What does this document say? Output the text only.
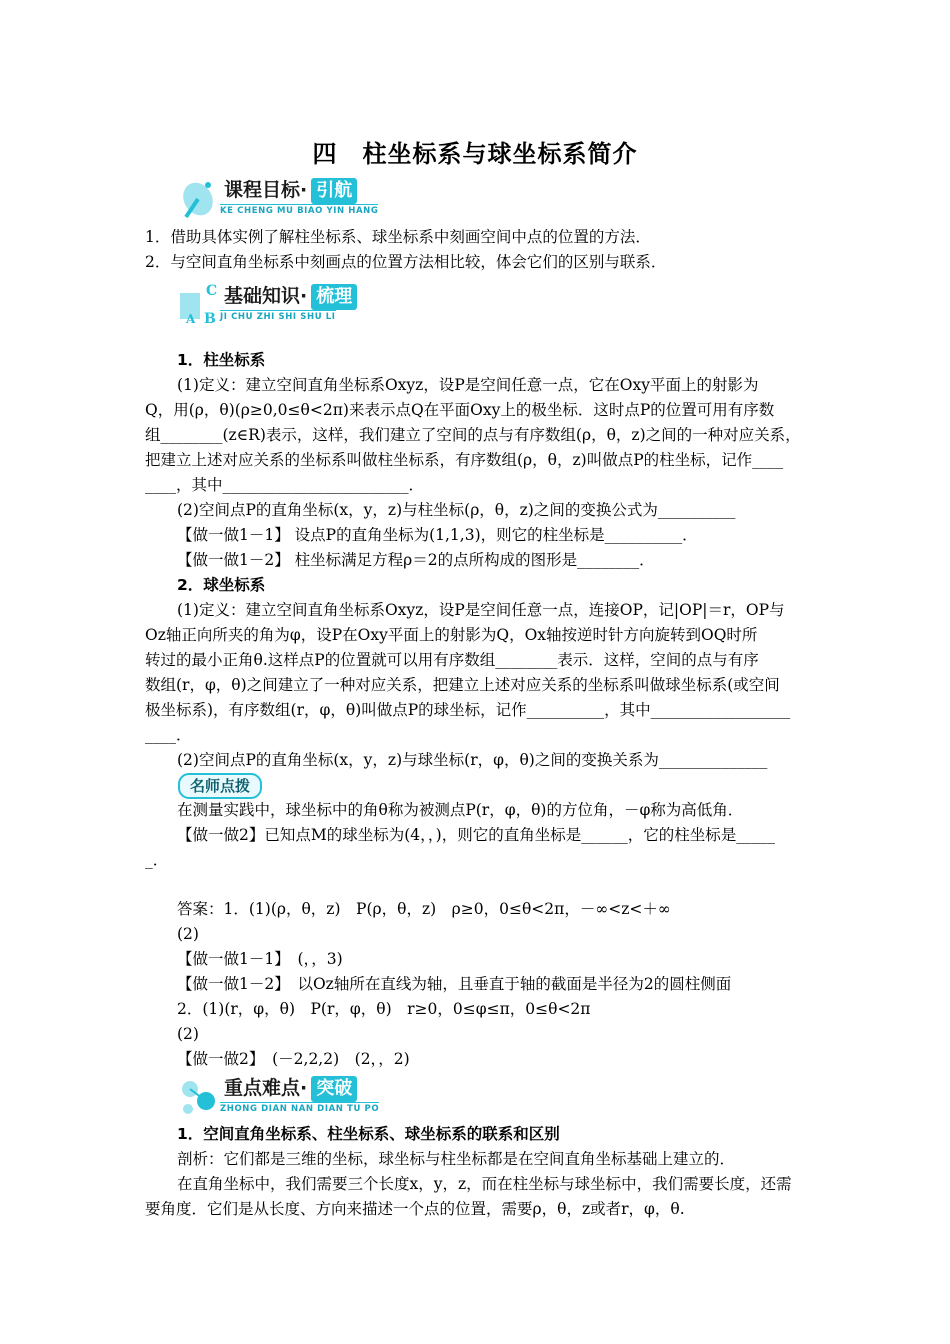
四　柱坐标系与球坐标系简介
课程目标· 引航
KE CHENG MU BIAO YIN HANG
1．借助具体实例了解柱坐标系、球坐标系中刻画空间中点的位置的方法．
2．与空间直角坐标系中刻画点的位置方法相比较，体会它们的区别与联系．
C
B
A
基础知识· 梳理
JI CHU ZHI SHI SHU LI
1．柱坐标系
(1)定义：建立空间直角坐标系Oxyz，设P是空间任意一点，它在Oxy平面上的射影为
Q，用(ρ，θ)(ρ≥0,0≤θ<2π)来表示点Q在平面Oxy上的极坐标．这时点P的位置可用有序数
组________(z∈R)表示，这样，我们建立了空间的点与有序数组(ρ，θ，z)之间的一种对应关系，
把建立上述对应关系的坐标系叫做柱坐标系，有序数组(ρ，θ，z)叫做点P的柱坐标，记作____
____，其中________________________．
(2)空间点P的直角坐标(x，y，z)与柱坐标(ρ，θ，z)之间的变换公式为__________
【做一做1－1】 设点P的直角坐标为(1,1,3)，则它的柱坐标是__________．
【做一做1－2】 柱坐标满足方程ρ＝2的点所构成的图形是________．
2．球坐标系
(1)定义：建立空间直角坐标系Oxyz，设P是空间任意一点，连接OP，记|OP|＝r，OP与
Oz轴正向所夹的角为φ，设P在Oxy平面上的射影为Q，Ox轴按逆时针方向旋转到OQ时所
转过的最小正角θ.这样点P的位置就可以用有序数组________表示．这样，空间的点与有序
数组(r，φ，θ)之间建立了一种对应关系，把建立上述对应关系的坐标系叫做球坐标系(或空间
极坐标系)，有序数组(r，φ，θ)叫做点P的球坐标，记作__________，其中__________________
____．
(2)空间点P的直角坐标(x，y，z)与球坐标(r，φ，θ)之间的变换关系为______________
名师点拨
在测量实践中，球坐标中的角θ称为被测点P(r，φ，θ)的方位角，－φ称为高低角．
【做一做2】已知点M的球坐标为(4，，)，则它的直角坐标是______，它的柱坐标是_____
_．
答案：1．(1)(ρ，θ，z)　P(ρ，θ，z)　ρ≥0，0≤θ<2π，－∞<z<＋∞
(2)
【做一做1－1】　(，，3)
【做一做1－2】　以Oz轴所在直线为轴，且垂直于轴的截面是半径为2的圆柱侧面
2．(1)(r，φ，θ)　P(r，φ，θ)　r≥0，0≤φ≤π，0≤θ<2π
(2)
【做一做2】　(－2,2,2)　(2，，2)
重点难点· 突破
ZHONG DIAN NAN DIAN TU PO
1．空间直角坐标系、柱坐标系、球坐标系的联系和区别
剖析：它们都是三维的坐标，球坐标与柱坐标都是在空间直角坐标基础上建立的．
在直角坐标中，我们需要三个长度x，y，z，而在柱坐标与球坐标中，我们需要长度，还需
要角度．它们是从长度、方向来描述一个点的位置，需要ρ，θ，z或者r，φ，θ.
